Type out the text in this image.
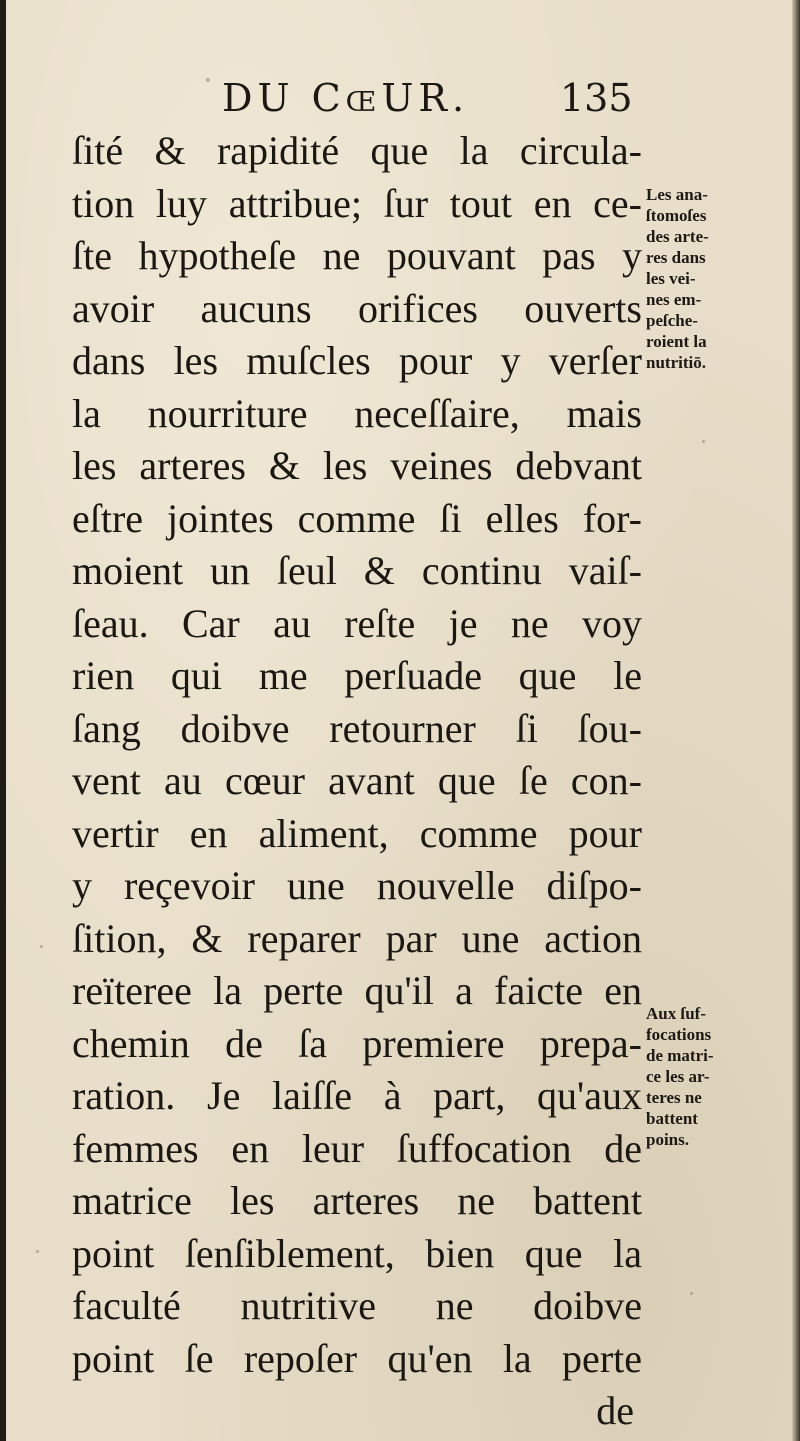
DU CœUR. 135
ſité & rapidité que la circula-
tion luy attribue; ſur tout en ce-
ſte hypotheſe ne pouvant pas y
avoir aucuns orifices ouverts
dans les muſcles pour y verſer
la nourriture neceſſaire, mais
les arteres & les veines debvant
eſtre jointes comme ſi elles for-
moient un ſeul & continu vaiſ-
ſeau. Car au reſte je ne voy
rien qui me perſuade que le
ſang doibve retourner ſi ſou-
vent au cœur avant que ſe con-
vertir en aliment, comme pour
y reçevoir une nouvelle diſpo-
ſition, & reparer par une action
reïteree la perte qu'il a faicte en
chemin de ſa premiere prepa-
ration. Je laiſſe à part, qu'aux
femmes en leur ſuffocation de
matrice les arteres ne battent
point ſenſiblement, bien que la
faculté nutritive ne doibve
point ſe repoſer qu'en la perte
de
Les ana-
ſtomoſes
des arte-
res dans
les vei-
nes em-
peſche-
roient la
nutritiō.
Aux ſuf-
focations
de matri-
ce les ar-
teres ne
battent
poins.
